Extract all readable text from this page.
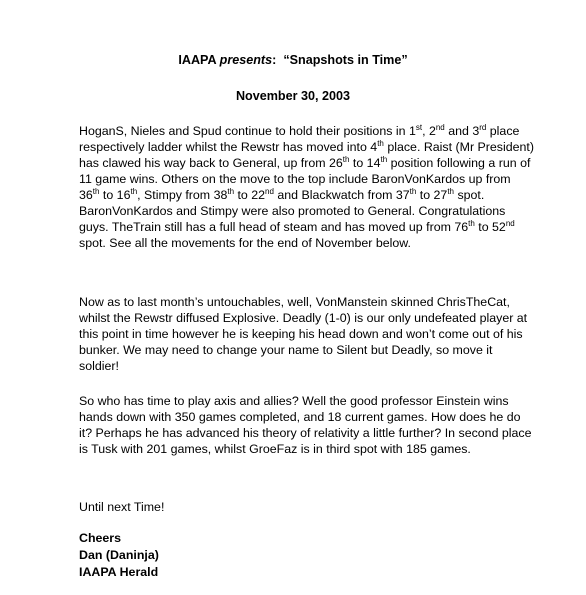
IAAPA presents: “Snapshots in Time”
November 30, 2003
HoganS, Nieles and Spud continue to hold their positions in 1st, 2nd and 3rd place respectively ladder whilst the Rewstr has moved into 4th place. Raist (Mr President) has clawed his way back to General, up from 26th to 14th position following a run of 11 game wins. Others on the move to the top include BaronVonKardos up from 36th to 16th, Stimpy from 38th to 22nd and Blackwatch from 37th to 27th spot. BaronVonKardos and Stimpy were also promoted to General. Congratulations guys. TheTrain still has a full head of steam and has moved up from 76th to 52nd spot. See all the movements for the end of November below.
Now as to last month’s untouchables, well, VonManstein skinned ChrisTheCat, whilst the Rewstr diffused Explosive. Deadly (1-0) is our only undefeated player at this point in time however he is keeping his head down and won’t come out of his bunker. We may need to change your name to Silent but Deadly, so move it soldier!
So who has time to play axis and allies? Well the good professor Einstein wins hands down with 350 games completed, and 18 current games. How does he do it? Perhaps he has advanced his theory of relativity a little further? In second place is Tusk with 201 games, whilst GroeFaz is in third spot with 185 games.
Until next Time!
Cheers
Dan (Daninja)
IAAPA Herald
